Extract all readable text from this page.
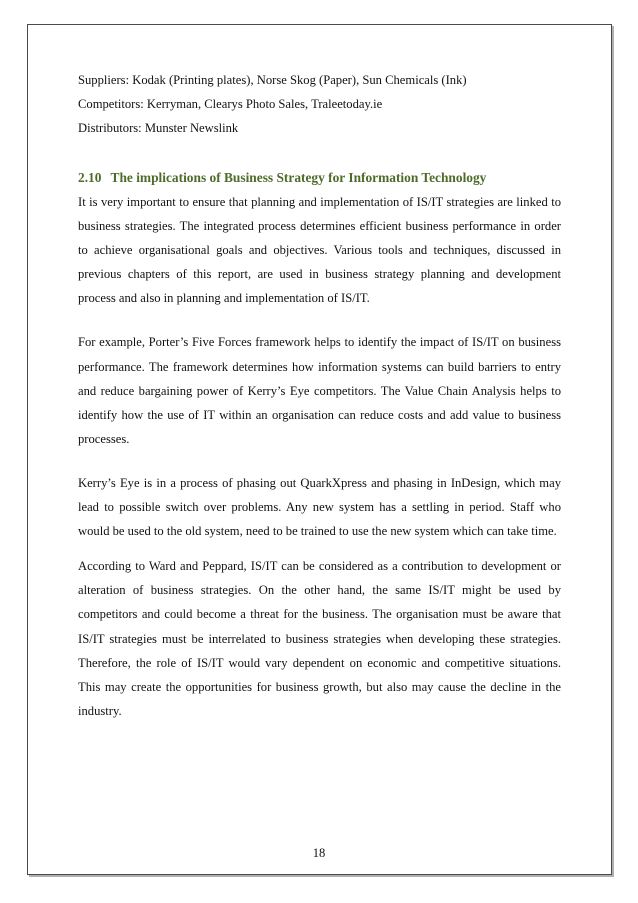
Suppliers: Kodak (Printing plates), Norse Skog (Paper), Sun Chemicals (Ink)

Competitors: Kerryman, Clearys Photo Sales, Traleetoday.ie

Distributors: Munster Newslink

2.10 The implications of Business Strategy for Information Technology

It is very important to ensure that planning and implementation of IS/IT strategies are linked to business strategies. The integrated process determines efficient business performance in order to achieve organisational goals and objectives. Various tools and techniques, discussed in previous chapters of this report, are used in business strategy planning and development process and also in planning and implementation of IS/IT.

For example, Porter’s Five Forces framework helps to identify the impact of IS/IT on business performance. The framework determines how information systems can build barriers to entry and reduce bargaining power of Kerry’s Eye competitors. The Value Chain Analysis helps to identify how the use of IT within an organisation can reduce costs and add value to business processes.

Kerry’s Eye is in a process of phasing out QuarkXpress and phasing in InDesign, which may lead to possible switch over problems. Any new system has a settling in period. Staff who would be used to the old system, need to be trained to use the new system which can take time.

According to Ward and Peppard, IS/IT can be considered as a contribution to development or alteration of business strategies. On the other hand, the same IS/IT might be used by competitors and could become a threat for the business. The organisation must be aware that IS/IT strategies must be interrelated to business strategies when developing these strategies. Therefore, the role of IS/IT would vary dependent on economic and competitive situations. This may create the opportunities for business growth, but also may cause the decline in the industry.

18
